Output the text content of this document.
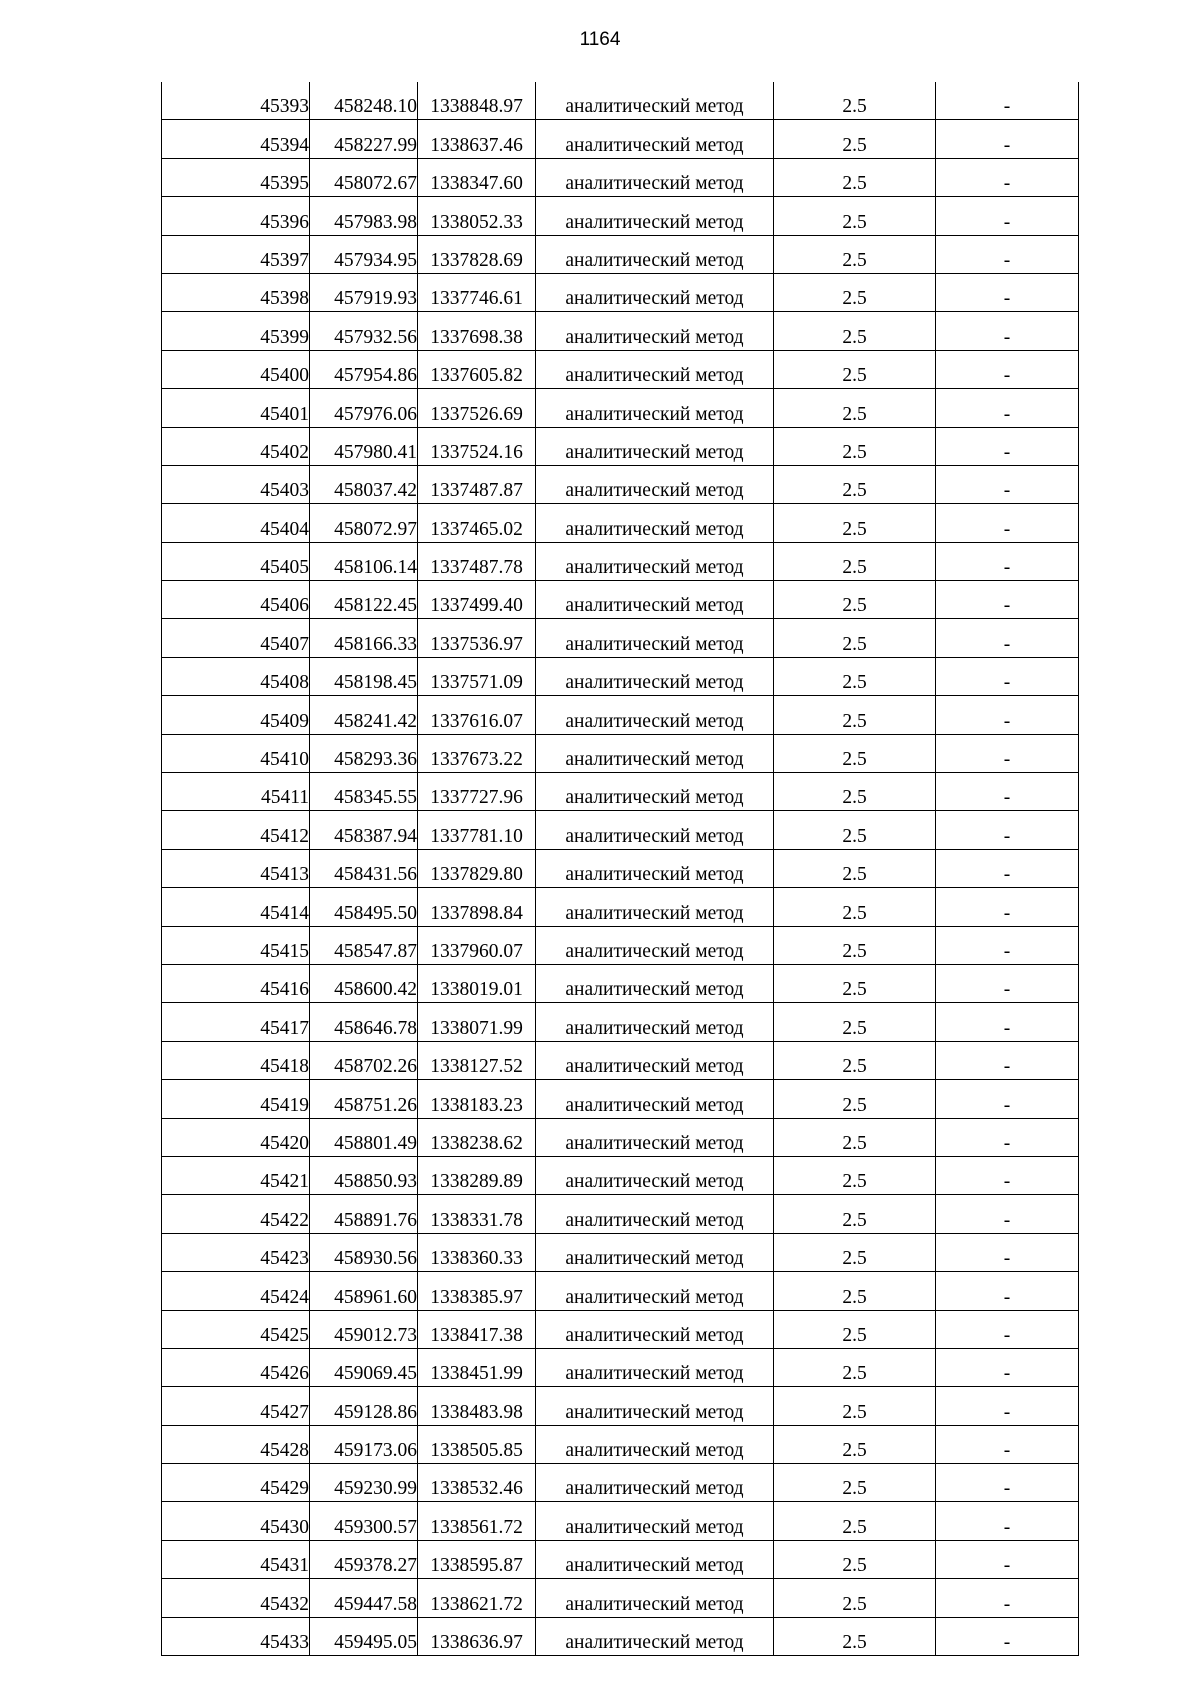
1164
45393	458248.10	1338848.97	аналитический метод	2.5	-
45394	458227.99	1338637.46	аналитический метод	2.5	-
45395	458072.67	1338347.60	аналитический метод	2.5	-
45396	457983.98	1338052.33	аналитический метод	2.5	-
45397	457934.95	1337828.69	аналитический метод	2.5	-
45398	457919.93	1337746.61	аналитический метод	2.5	-
45399	457932.56	1337698.38	аналитический метод	2.5	-
45400	457954.86	1337605.82	аналитический метод	2.5	-
45401	457976.06	1337526.69	аналитический метод	2.5	-
45402	457980.41	1337524.16	аналитический метод	2.5	-
45403	458037.42	1337487.87	аналитический метод	2.5	-
45404	458072.97	1337465.02	аналитический метод	2.5	-
45405	458106.14	1337487.78	аналитический метод	2.5	-
45406	458122.45	1337499.40	аналитический метод	2.5	-
45407	458166.33	1337536.97	аналитический метод	2.5	-
45408	458198.45	1337571.09	аналитический метод	2.5	-
45409	458241.42	1337616.07	аналитический метод	2.5	-
45410	458293.36	1337673.22	аналитический метод	2.5	-
45411	458345.55	1337727.96	аналитический метод	2.5	-
45412	458387.94	1337781.10	аналитический метод	2.5	-
45413	458431.56	1337829.80	аналитический метод	2.5	-
45414	458495.50	1337898.84	аналитический метод	2.5	-
45415	458547.87	1337960.07	аналитический метод	2.5	-
45416	458600.42	1338019.01	аналитический метод	2.5	-
45417	458646.78	1338071.99	аналитический метод	2.5	-
45418	458702.26	1338127.52	аналитический метод	2.5	-
45419	458751.26	1338183.23	аналитический метод	2.5	-
45420	458801.49	1338238.62	аналитический метод	2.5	-
45421	458850.93	1338289.89	аналитический метод	2.5	-
45422	458891.76	1338331.78	аналитический метод	2.5	-
45423	458930.56	1338360.33	аналитический метод	2.5	-
45424	458961.60	1338385.97	аналитический метод	2.5	-
45425	459012.73	1338417.38	аналитический метод	2.5	-
45426	459069.45	1338451.99	аналитический метод	2.5	-
45427	459128.86	1338483.98	аналитический метод	2.5	-
45428	459173.06	1338505.85	аналитический метод	2.5	-
45429	459230.99	1338532.46	аналитический метод	2.5	-
45430	459300.57	1338561.72	аналитический метод	2.5	-
45431	459378.27	1338595.87	аналитический метод	2.5	-
45432	459447.58	1338621.72	аналитический метод	2.5	-
45433	459495.05	1338636.97	аналитический метод	2.5	-
